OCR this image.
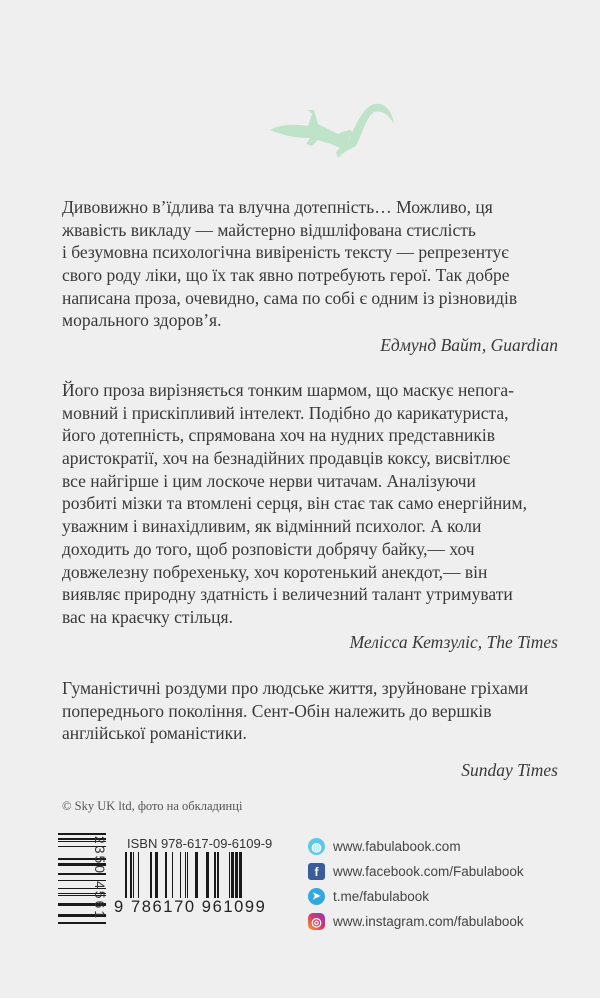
Дивовижно в’їдлива та влучна дотепність… Можливо, ця
жвавість викладу — майстерно відшліфована стислість
і безумовна психологічна вивіреність тексту — репрезентує
свого роду ліки, що їх так явно потребують герої. Так добре
написана проза, очевидно, сама по собі є одним із різновидів
морального здоров’я.
Едмунд Вайт, Guardian
Його проза вирізняється тонким шармом, що маскує непога-
мовний і прискіпливий інтелект. Подібно до карикатуриста,
його дотепність, спрямована хоч на нудних представників
аристократії, хоч на безнадійних продавців коксу, висвітлює
все найгірше і цим лоскоче нерви читачам. Аналізуючи
розбиті мізки та втомлені серця, він стає так само енергійним,
уважним і винахідливим, як відмінний психолог. А коли
доходить до того, щоб розповісти добрячу байку,— хоч
довжелезну побрехеньку, хоч коротенький анекдот,— він
виявляє природну здатність і величезний талант утримувати
вас на краєчку стільця.
Мелісса Кетзуліс, The Times
Гуманістичні роздуми про людське життя, зруйноване гріхами
попереднього покоління. Сент-Обін належить до вершків
англійської романістики.
Sunday Times
© Sky UK ltd, фото на обкладинці
2350 4561 ISBN 978-617-09-6109-9
9 786170 961099
◍ www.fabulabook.com
f	www.facebook.com/Fabulabook
➤ t.me/fabulabook
◎ www.instagram.com/fabulabook
